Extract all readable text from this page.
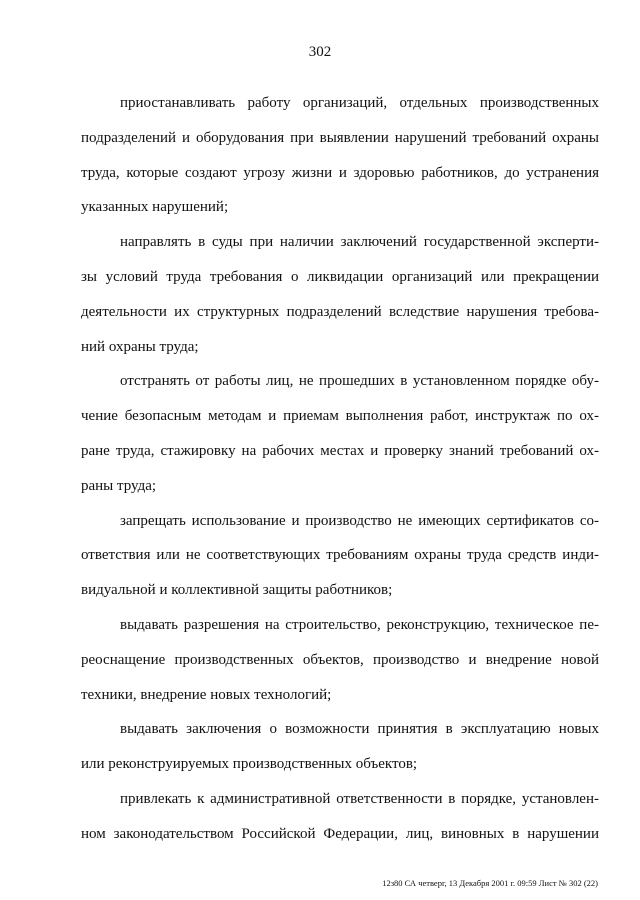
302
приостанавливать работу организаций, отдельных производственных
подразделений и оборудования при выявлении нарушений требований охраны
труда, которые создают угрозу жизни и здоровью работников, до устранения
указанных нарушений;
направлять в суды при наличии заключений государственной эксперти-
зы условий труда требования о ликвидации организаций или прекращении
деятельности их структурных подразделений вследствие нарушения требова-
ний охраны труда;
отстранять от работы лиц, не прошедших в установленном порядке обу-
чение безопасным методам и приемам выполнения работ, инструктаж по ох-
ране труда, стажировку на рабочих местах и проверку знаний требований ох-
раны труда;
запрещать использование и производство не имеющих сертификатов со-
ответствия или не соответствующих требованиям охраны труда средств инди-
видуальной и коллективной защиты работников;
выдавать разрешения на строительство, реконструкцию, техническое пе-
реоснащение производственных объектов, производство и внедрение новой
техники, внедрение новых технологий;
выдавать заключения о возможности принятия в эксплуатацию новых
или реконструируемых производственных объектов;
привлекать к административной ответственности в порядке, установлен-
ном законодательством Российской Федерации, лиц, виновных в нарушении
12з80 СА четверг, 13 Декабря 2001 г. 09:59 Лист № 302 (22)
